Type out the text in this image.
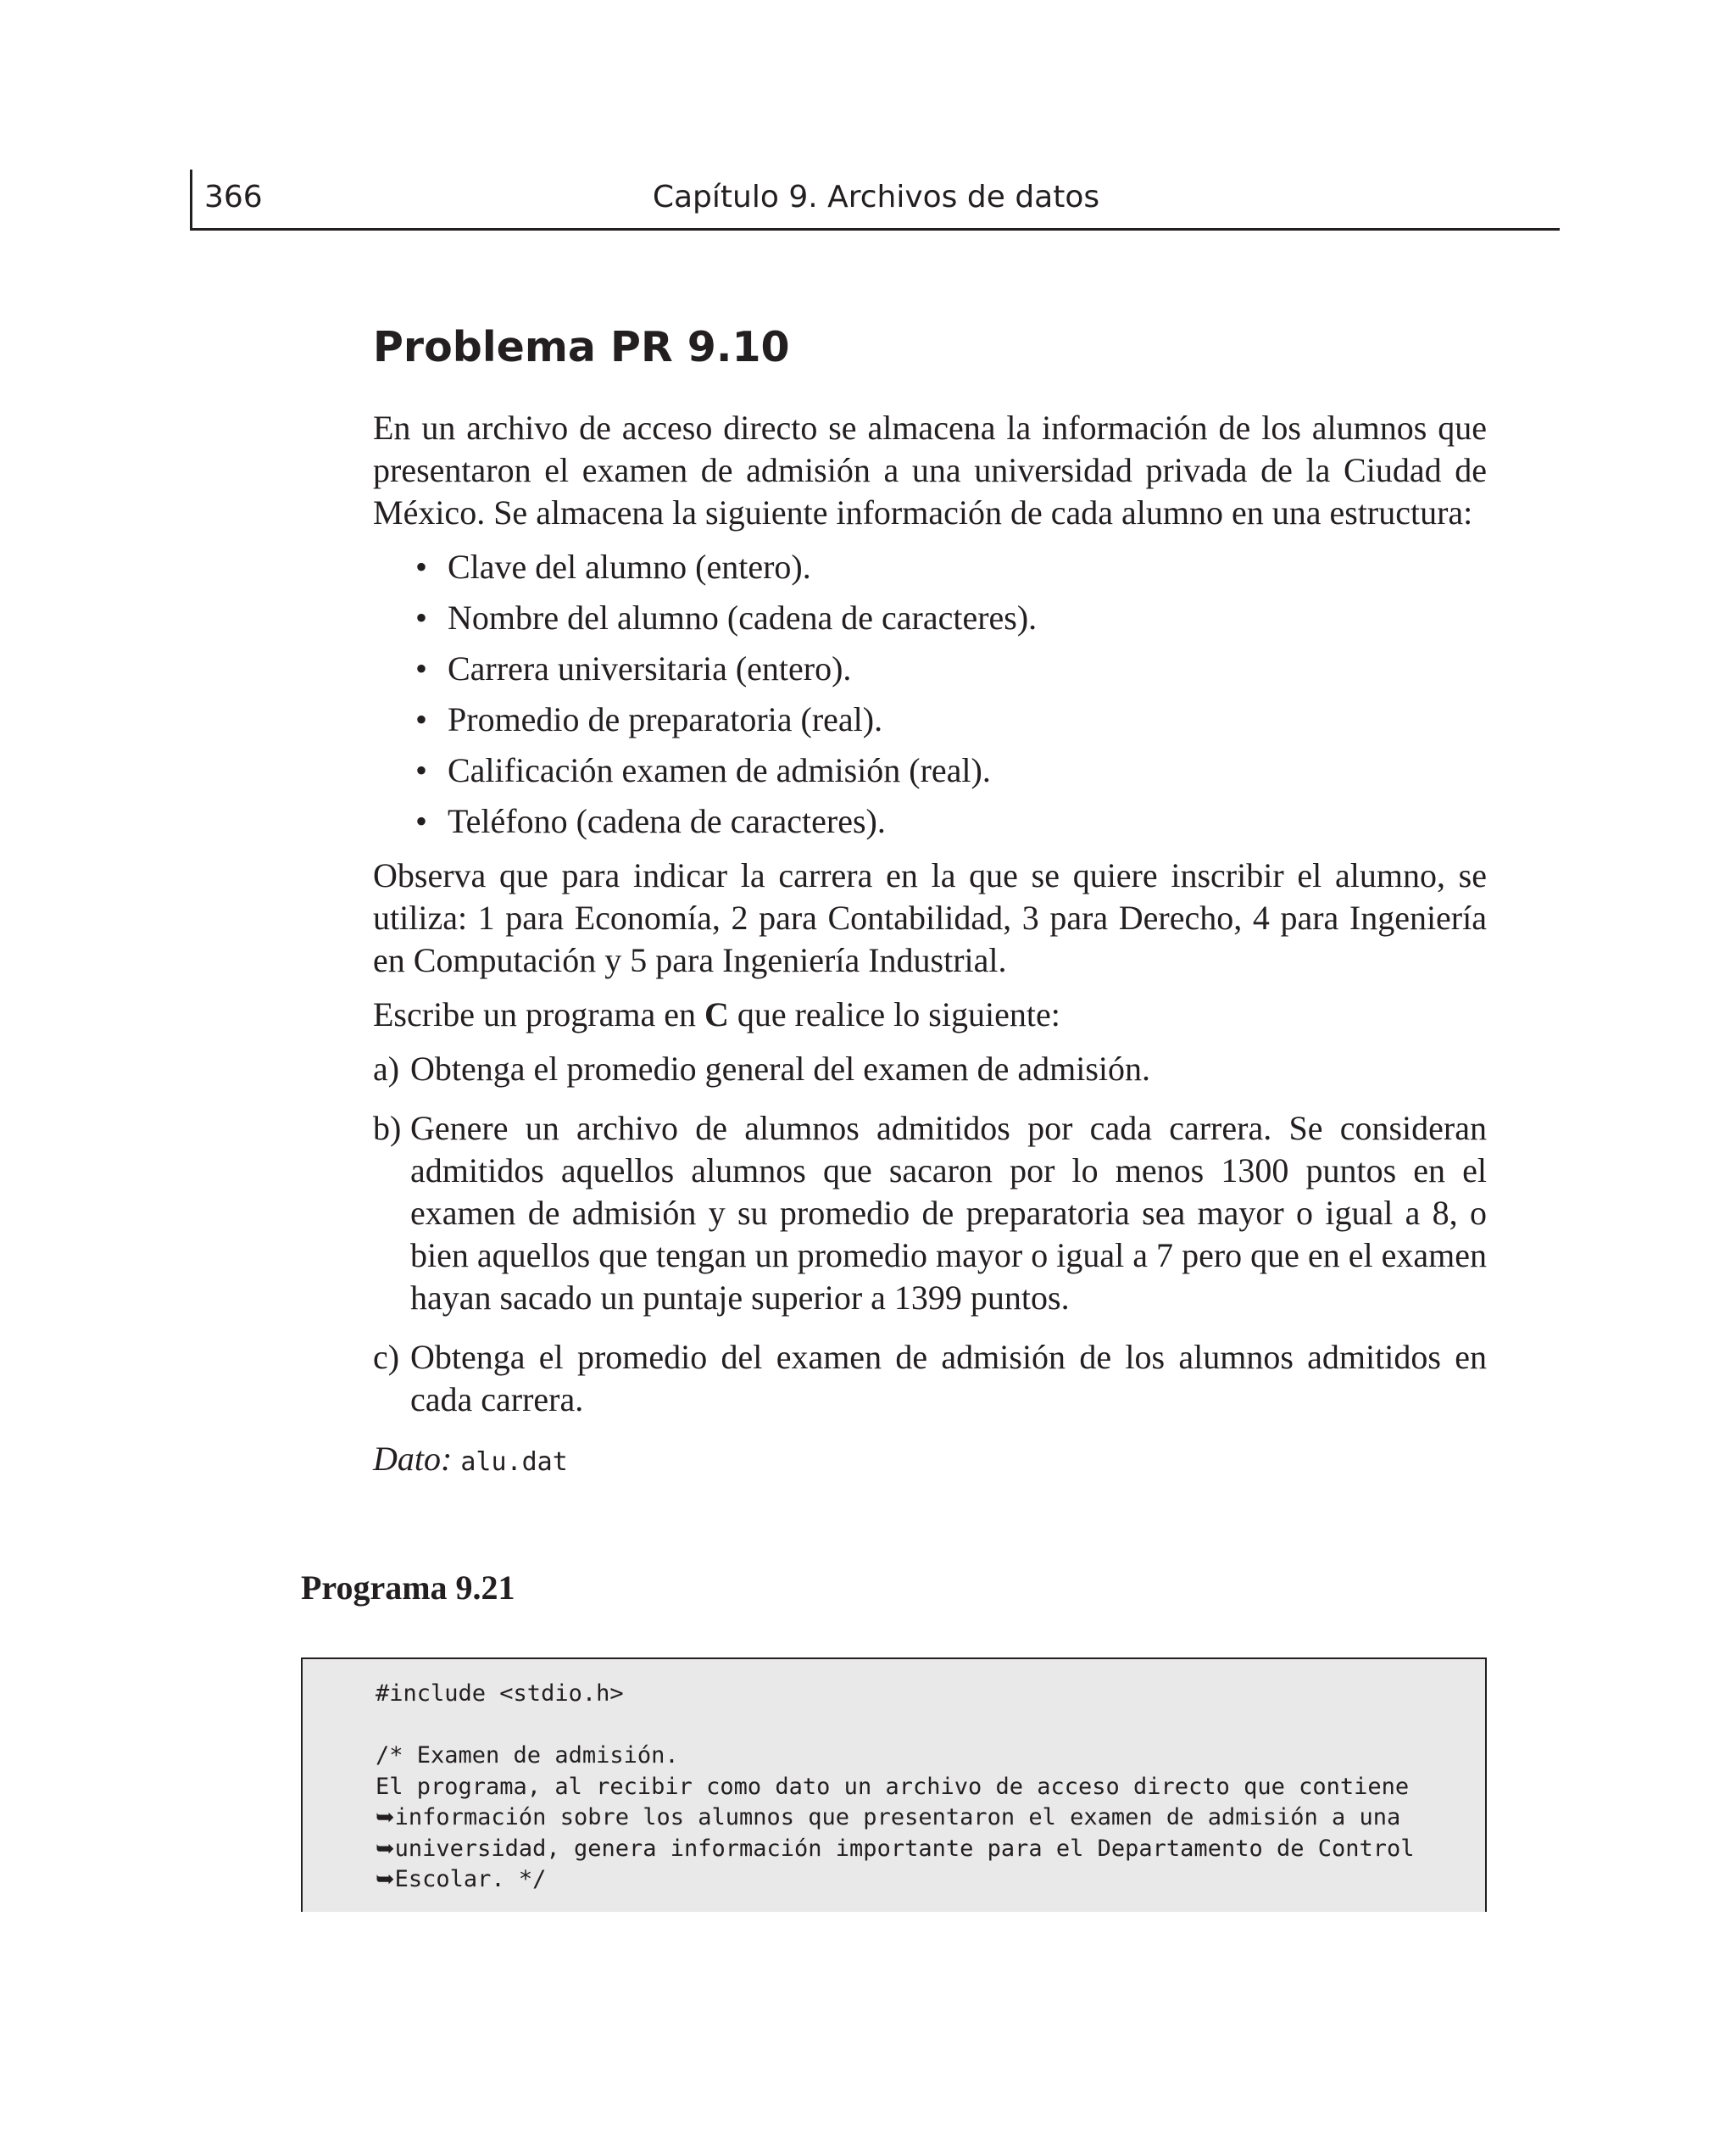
366	Capítulo 9. Archivos de datos
Problema PR 9.10

En un archivo de acceso directo se almacena la información de los alumnos que presentaron el examen de admisión a una universidad privada de la Ciudad de México. Se almacena la siguiente información de cada alumno en una estructura:

• Clave del alumno (entero).
• Nombre del alumno (cadena de caracteres).
• Carrera universitaria (entero).
• Promedio de preparatoria (real).
• Calificación examen de admisión (real).
• Teléfono (cadena de caracteres).

Observa que para indicar la carrera en la que se quiere inscribir el alumno, se utiliza: 1 para Economía, 2 para Contabilidad, 3 para Derecho, 4 para Ingeniería en Computación y 5 para Ingeniería Industrial.

Escribe un programa en C que realice lo siguiente:

a) Obtenga el promedio general del examen de admisión.
b) Genere un archivo de alumnos admitidos por cada carrera. Se consideran admitidos aquellos alumnos que sacaron por lo menos 1300 puntos en el examen de admisión y su promedio de preparatoria sea mayor o igual a 8, o bien aquellos que tengan un promedio mayor o igual a 7 pero que en el examen hayan sacado un puntaje superior a 1399 puntos.
c) Obtenga el promedio del examen de admisión de los alumnos admitidos en cada carrera.
Dato: alu.dat
Programa 9.21
#include <stdio.h>
/* Examen de admisión.
El programa, al recibir como dato un archivo de acceso directo que contiene
➥información sobre los alumnos que presentaron el examen de admisión a una
➥universidad, genera información importante para el Departamento de Control
➥Escolar. */
